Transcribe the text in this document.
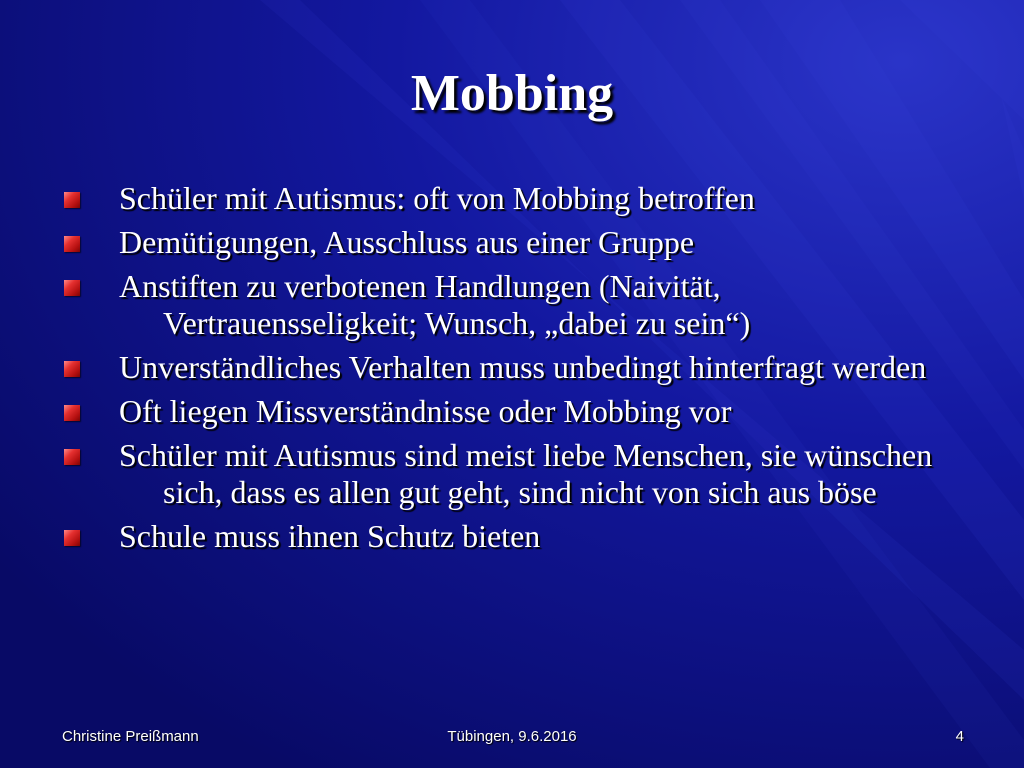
Mobbing
Schüler mit Autismus: oft von Mobbing betroffen
Demütigungen, Ausschluss aus einer Gruppe
Anstiften zu verbotenen Handlungen (Naivität, Vertrauensseligkeit; Wunsch, „dabei zu sein“)
Unverständliches Verhalten muss unbedingt hinterfragt werden
Oft liegen Missverständnisse oder Mobbing vor
Schüler mit Autismus sind meist liebe Menschen, sie wünschen sich, dass es allen gut geht, sind nicht von sich aus böse
Schule muss ihnen Schutz bieten
Christine Preißmann	Tübingen, 9.6.2016	4
